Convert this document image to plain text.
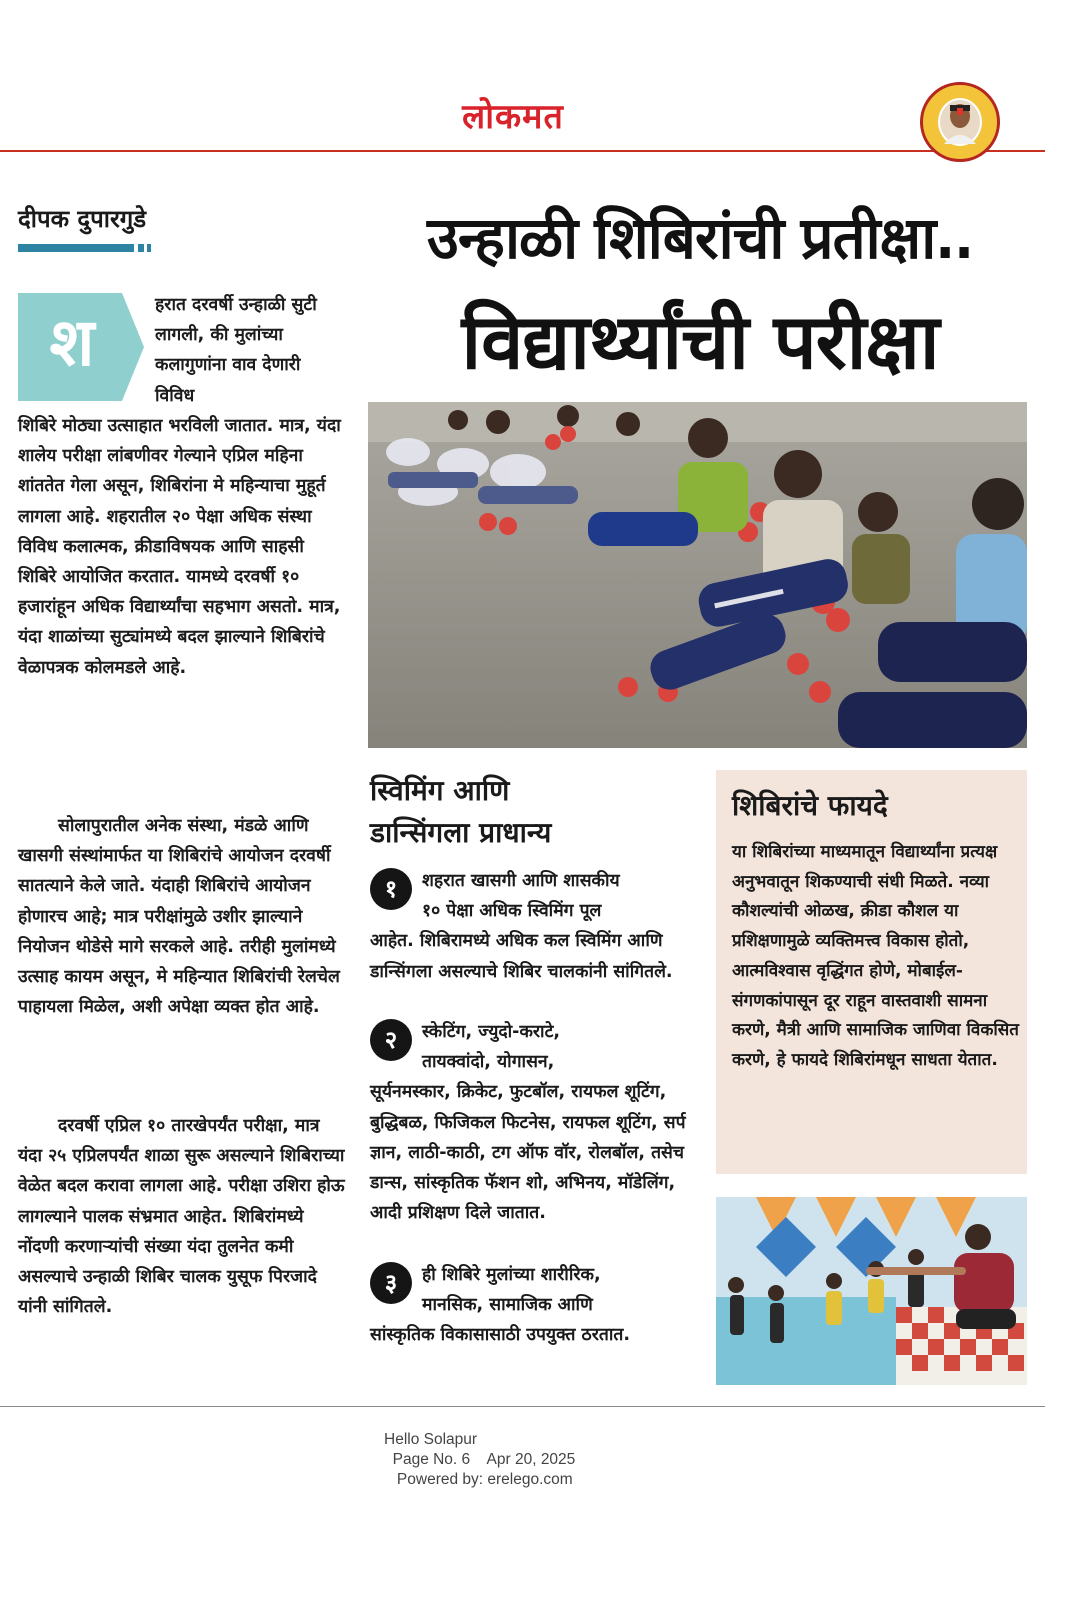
लोकमत
दीपक दुपारगुडे
श	हरात दरवर्षी उन्हाळी सुटी लागली, की मुलांच्या कलागुणांना वाव देणारी विविध
शिबिरे मोठ्या उत्साहात भरविली जातात. मात्र, यंदा शालेय परीक्षा लांबणीवर गेल्याने एप्रिल महिना शांततेत गेला असून, शिबिरांना मे महिन्याचा मुहूर्त लागला आहे. शहरातील २० पेक्षा अधिक संस्था विविध कलात्मक, क्रीडाविषयक आणि साहसी शिबिरे आयोजित करतात. यामध्ये दरवर्षी १० हजारांहून अधिक विद्यार्थ्यांचा सहभाग असतो. मात्र, यंदा शाळांच्या सुट्यांमध्ये बदल झाल्याने शिबिरांचे वेळापत्रक कोलमडले आहे.
सोलापुरातील अनेक संस्था, मंडळे आणि खासगी संस्थांमार्फत या शिबिरांचे आयोजन दरवर्षी सातत्याने केले जाते. यंदाही शिबिरांचे आयोजन होणारच आहे; मात्र परीक्षांमुळे उशीर झाल्याने नियोजन थोडेसे मागे सरकले आहे. तरीही मुलांमध्ये उत्साह कायम असून, मे महिन्यात शिबिरांची रेलचेल पाहायला मिळेल, अशी अपेक्षा व्यक्त होत आहे.
दरवर्षी एप्रिल १० तारखेपर्यंत परीक्षा, मात्र यंदा २५ एप्रिलपर्यंत शाळा सुरू असल्याने शिबिराच्या वेळेत बदल करावा लागला आहे. परीक्षा उशिरा होऊ लागल्याने पालक संभ्रमात आहेत. शिबिरांमध्ये नोंदणी करणाऱ्यांची संख्या यंदा तुलनेत कमी असल्याचे उन्हाळी शिबिर चालक युसूफ पिरजादे यांनी सांगितले.
उन्हाळी शिबिरांची प्रतीक्षा..
विद्यार्थ्यांची परीक्षा
स्विमिंग आणि
डान्सिंगला प्राधान्य
१	शहरात खासगी आणि शासकीय
१० पेक्षा अधिक स्विमिंग पूल
आहेत. शिबिरामध्ये अधिक कल स्विमिंग आणि डान्सिंगला असल्याचे शिबिर चालकांनी सांगितले.
२	स्केटिंग, ज्युदो-कराटे,
तायक्वांदो, योगासन,
सूर्यनमस्कार, क्रिकेट, फुटबॉल, रायफल शूटिंग, बुद्धिबळ, फिजिकल फिटनेस, रायफल शूटिंग, सर्प ज्ञान, लाठी-काठी, टग ऑफ वॉर, रोलबॉल, तसेच डान्स, सांस्कृतिक फॅशन शो, अभिनय, मॉडेलिंग, आदी प्रशिक्षण दिले जातात.
३	ही शिबिरे मुलांच्या शारीरिक,
मानसिक, सामाजिक आणि
सांस्कृतिक विकासासाठी उपयुक्त ठरतात.
शिबिरांचे फायदे
या शिबिरांच्या माध्यमातून विद्यार्थ्यांना प्रत्यक्ष अनुभवातून शिकण्याची संधी मिळते. नव्या कौशल्यांची ओळख, क्रीडा कौशल या प्रशिक्षणामुळे व्यक्तिमत्त्व विकास होतो, आत्मविश्वास वृद्धिंगत होणे, मोबाईल-संगणकांपासून दूर राहून वास्तवाशी सामना करणे, मैत्री आणि सामाजिक जाणिवा विकसित करणे, हे फायदे शिबिरांमधून साधता येतात.
Hello Solapur
Page No. 6    Apr 20, 2025
Powered by: erelego.com
